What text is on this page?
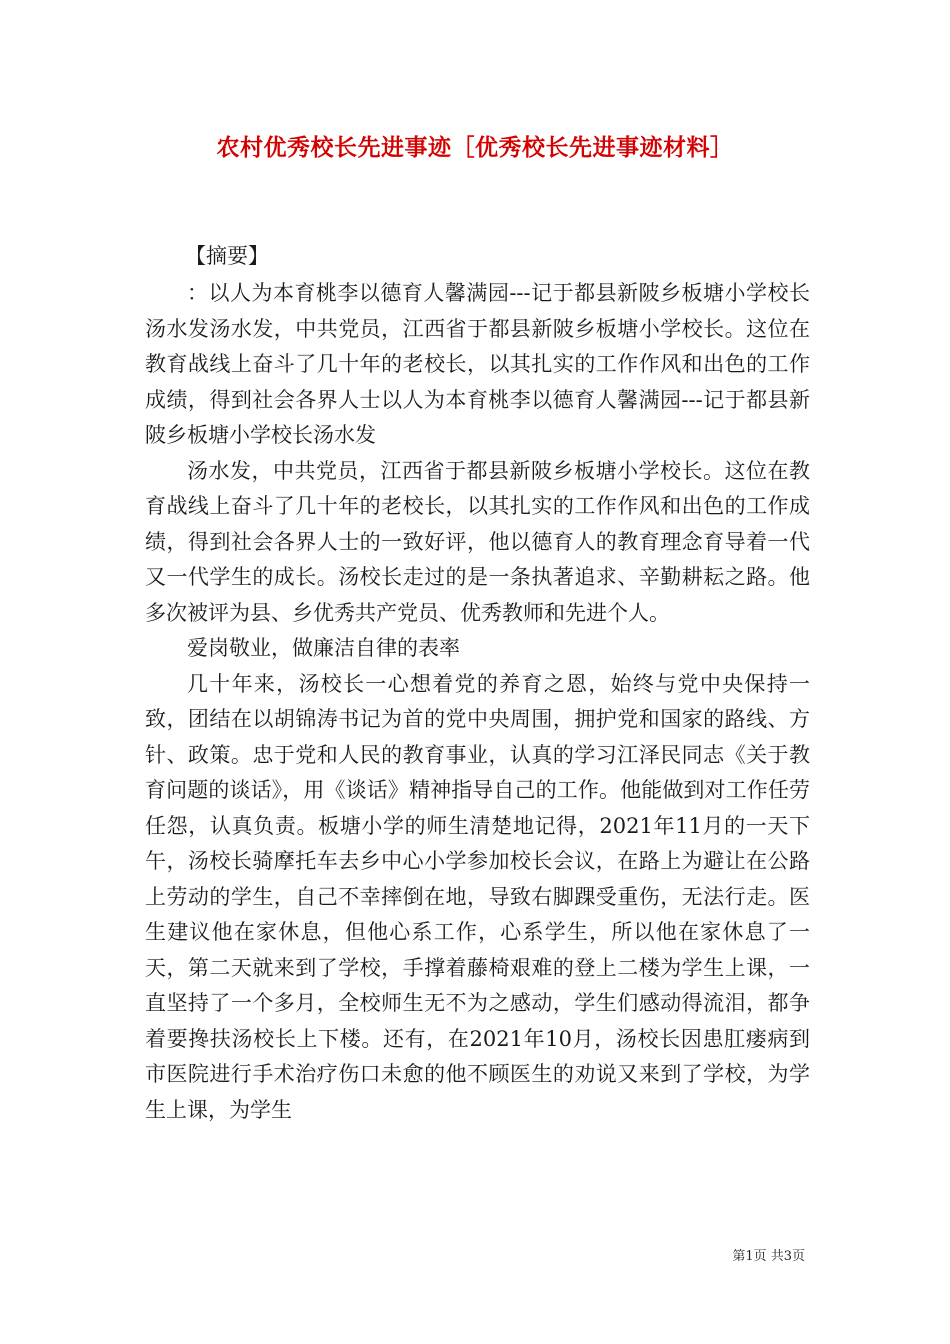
农村优秀校长先进事迹［优秀校长先进事迹材料］
【摘要】

：以人为本育桃李以德育人馨满园---记于都县新陂乡板塘小学校长汤水发汤水发，中共党员，江西省于都县新陂乡板塘小学校长。这位在教育战线上奋斗了几十年的老校长，以其扎实的工作作风和出色的工作成绩，得到社会各界人士以人为本育桃李以德育人馨满园---记于都县新陂乡板塘小学校长汤水发

汤水发，中共党员，江西省于都县新陂乡板塘小学校长。这位在教育战线上奋斗了几十年的老校长，以其扎实的工作作风和出色的工作成绩，得到社会各界人士的一致好评，他以德育人的教育理念育导着一代又一代学生的成长。汤校长走过的是一条执著追求、辛勤耕耘之路。他多次被评为县、乡优秀共产党员、优秀教师和先进个人。

爱岗敬业，做廉洁自律的表率

几十年来，汤校长一心想着党的养育之恩，始终与党中央保持一致，团结在以胡锦涛书记为首的党中央周围，拥护党和国家的路线、方针、政策。忠于党和人民的教育事业，认真的学习江泽民同志《关于教育问题的谈话》，用《谈话》精神指导自己的工作。他能做到对工作任劳任怨，认真负责。板塘小学的师生清楚地记得，2021年11月的一天下午，汤校长骑摩托车去乡中心小学参加校长会议，在路上为避让在公路上劳动的学生，自己不幸摔倒在地，导致右脚踝受重伤，无法行走。医生建议他在家休息，但他心系工作，心系学生，所以他在家休息了一天，第二天就来到了学校，手撑着藤椅艰难的登上二楼为学生上课，一直坚持了一个多月，全校师生无不为之感动，学生们感动得流泪，都争着要搀扶汤校长上下楼。还有，在2021年10月，汤校长因患肛瘘病到市医院进行手术治疗伤口未愈的他不顾医生的劝说又来到了学校，为学生上课，为学生

第1页 共3页
